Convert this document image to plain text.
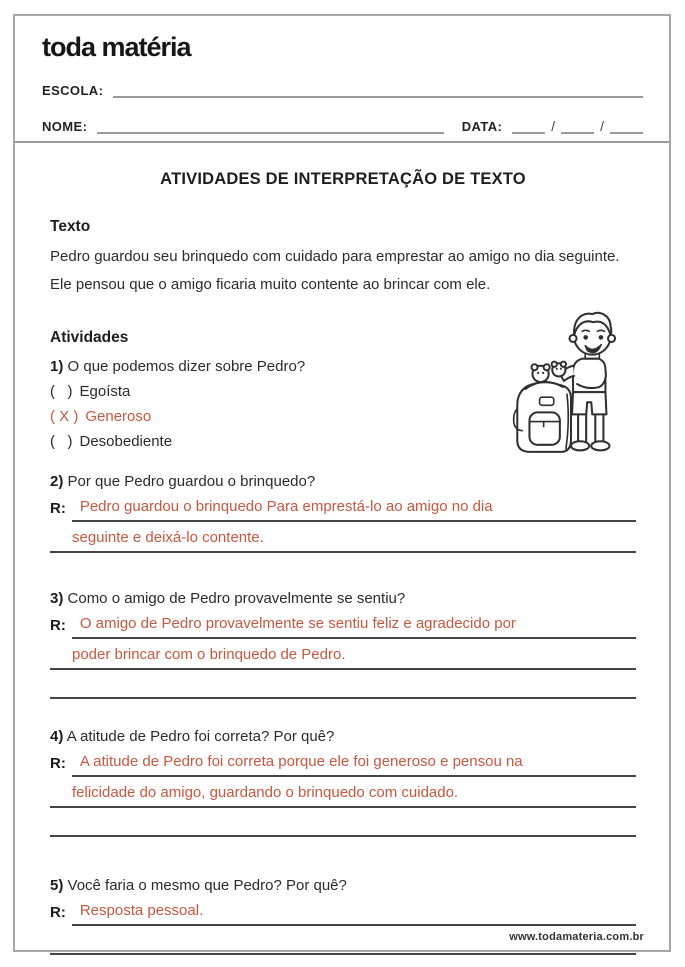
toda matéria
ESCOLA:
NOME:	DATA:	/	/
ATIVIDADES DE INTERPRETAÇÃO DE TEXTO
Texto

Pedro guardou seu brinquedo com cuidado para emprestar ao amigo no dia seguinte. Ele pensou que o amigo ficaria muito contente ao brincar com ele.

Atividades
1) O que podemos dizer sobre Pedro?
(   ) Egoísta
( X ) Generoso
(   ) Desobediente
2) Por que Pedro guardou o brinquedo?
R: Pedro guardou o brinquedo Para emprestá-lo ao amigo no dia
seguinte e deixá-lo contente.
3) Como o amigo de Pedro provavelmente se sentiu?
R: O amigo de Pedro provavelmente se sentiu feliz e agradecido por
poder brincar com o brinquedo de Pedro.
4) A atitude de Pedro foi correta? Por quê?
R: A atitude de Pedro foi correta porque ele foi generoso e pensou na
felicidade do amigo, guardando o brinquedo com cuidado.
5) Você faria o mesmo que Pedro? Por quê?
R: Resposta pessoal.
www.todamateria.com.br
